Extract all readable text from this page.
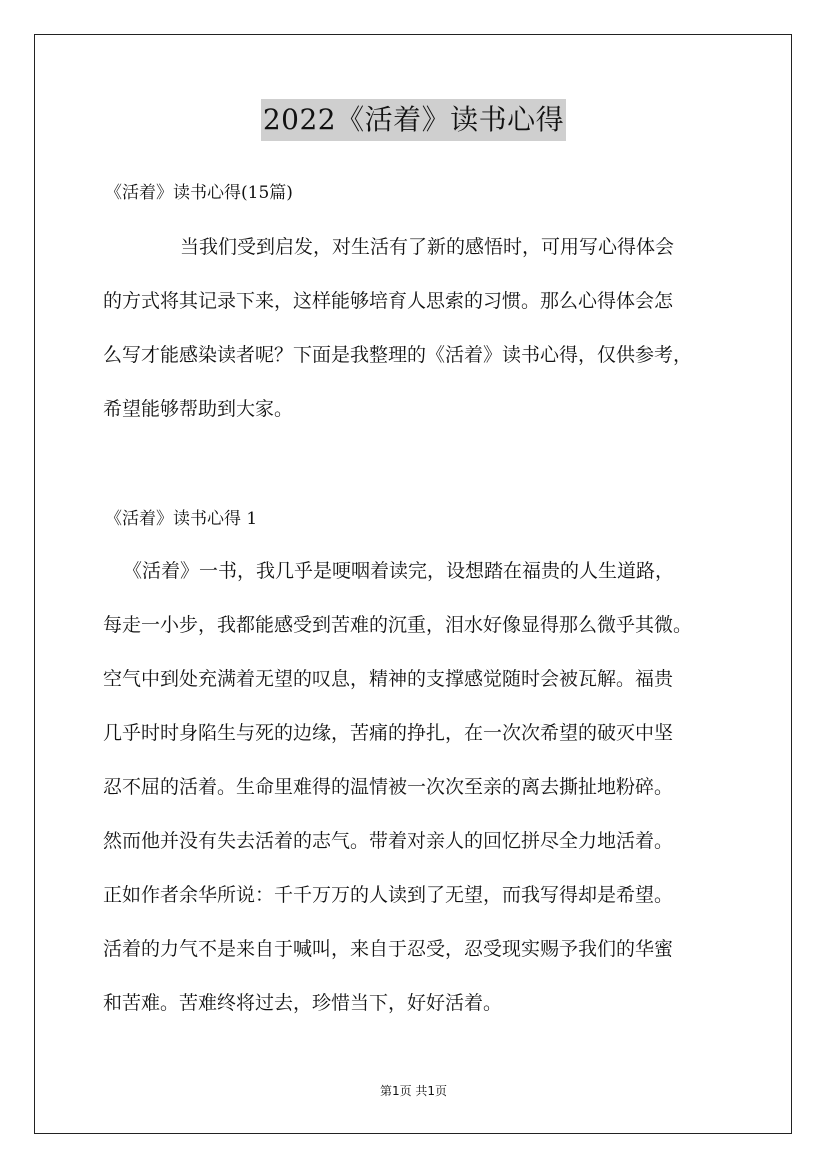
2022《活着》读书心得
《活着》读书心得(15篇)
当我们受到启发，对生活有了新的感悟时，可用写心得体会
的方式将其记录下来，这样能够培育人思索的习惯。那么心得体会怎
么写才能感染读者呢？下面是我整理的《活着》读书心得，仅供参考，
希望能够帮助到大家。
《活着》读书心得 1
《活着》一书，我几乎是哽咽着读完，设想踏在福贵的人生道路，
每走一小步，我都能感受到苦难的沉重，泪水好像显得那么微乎其微。
空气中到处充满着无望的叹息，精神的支撑感觉随时会被瓦解。福贵
几乎时时身陷生与死的边缘，苦痛的挣扎，在一次次希望的破灭中坚
忍不屈的活着。生命里难得的温情被一次次至亲的离去撕扯地粉碎。
然而他并没有失去活着的志气。带着对亲人的回忆拼尽全力地活着。
正如作者余华所说：千千万万的人读到了无望，而我写得却是希望。
活着的力气不是来自于喊叫，来自于忍受，忍受现实赐予我们的华蜜
和苦难。苦难终将过去，珍惜当下，好好活着。
第1页 共1页
